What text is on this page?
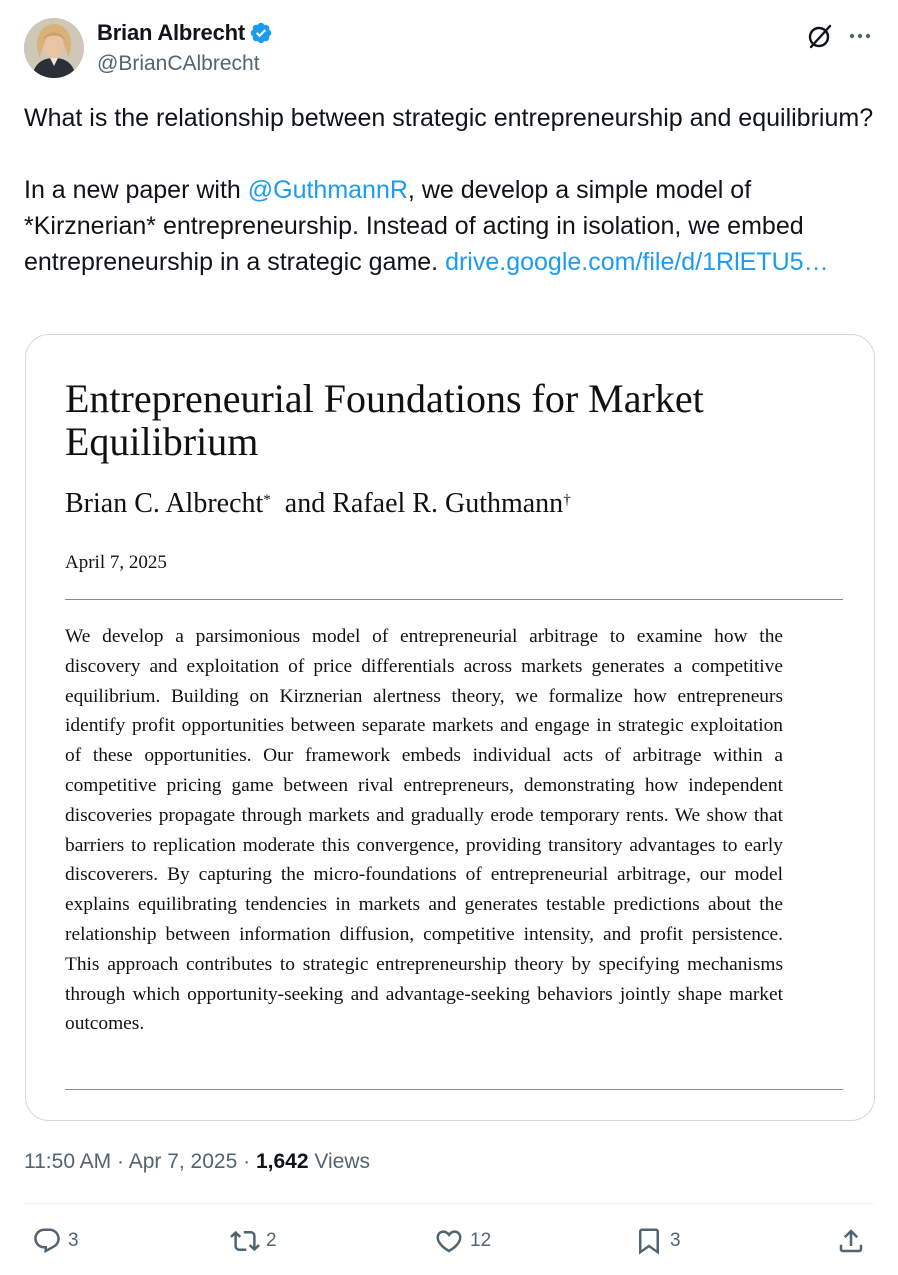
Brian Albrecht
@BrianCAlbrecht
What is the relationship between strategic entrepreneurship and equilibrium?
In a new paper with @GuthmannR, we develop a simple model of *Kirznerian* entrepreneurship. Instead of acting in isolation, we embed entrepreneurship in a strategic game. drive.google.com/file/d/1RlETU5…
Entrepreneurial Foundations for Market Equilibrium
Brian C. Albrecht* and Rafael R. Guthmann†
April 7, 2025
We develop a parsimonious model of entrepreneurial arbitrage to examine how the discovery and exploitation of price differentials across markets generates a competitive equilibrium. Building on Kirznerian alertness theory, we formalize how entrepreneurs identify profit opportunities between separate markets and engage in strategic exploitation of these opportunities. Our framework embeds individual acts of arbitrage within a competitive pricing game between rival entrepreneurs, demonstrating how independent discoveries propagate through markets and gradually erode temporary rents. We show that barriers to replication moderate this convergence, providing transitory advantages to early discoverers. By capturing the micro-foundations of entrepreneurial arbitrage, our model explains equilibrating tendencies in markets and generates testable predictions about the relationship between information diffusion, competitive intensity, and profit persistence. This approach contributes to strategic entrepreneurship theory by specifying mechanisms through which opportunity-seeking and advantage-seeking behaviors jointly shape market outcomes.
11:50 AM · Apr 7, 2025 · 1,642 Views
3	2	12	3
